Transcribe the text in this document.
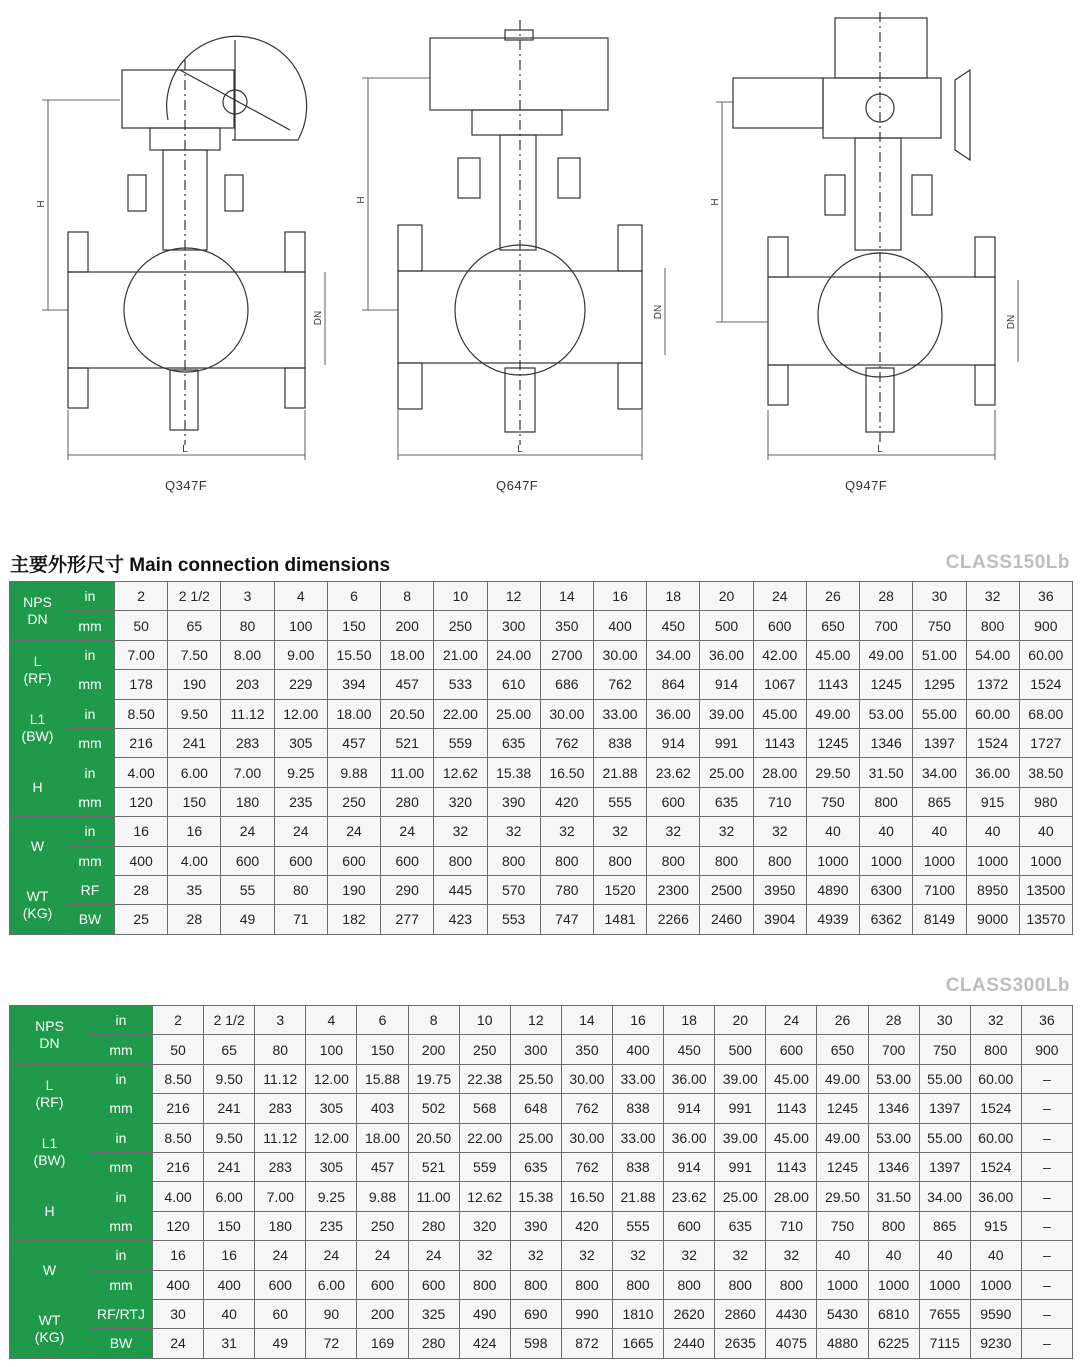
H
DN
L
H
DN
L
H
DN
L
Q347F	Q647F	Q947F
主要外形尺寸 Main connection dimensions	CLASS150Lb
CLASS300Lb
NPS
DN	in	2	2 1/2	3	4	6	8	10	12	14	16	18	20	24	26	28	30	32	36
	mm	50	65	80	100	150	200	250	300	350	400	450	500	600	650	700	750	800	900
L
(RF)	in	7.00	7.50	8.00	9.00	15.50	18.00	21.00	24.00	2700	30.00	34.00	36.00	42.00	45.00	49.00	51.00	54.00	60.00
	mm	178	190	203	229	394	457	533	610	686	762	864	914	1067	1143	1245	1295	1372	1524
L1
(BW)	in	8.50	9.50	11.12	12.00	18.00	20.50	22.00	25.00	30.00	33.00	36.00	39.00	45.00	49.00	53.00	55.00	60.00	68.00
	mm	216	241	283	305	457	521	559	635	762	838	914	991	1143	1245	1346	1397	1524	1727
H	in	4.00	6.00	7.00	9.25	9.88	11.00	12.62	15.38	16.50	21.88	23.62	25.00	28.00	29.50	31.50	34.00	36.00	38.50
	mm	120	150	180	235	250	280	320	390	420	555	600	635	710	750	800	865	915	980
W	in	16	16	24	24	24	24	32	32	32	32	32	32	32	40	40	40	40	40
	mm	400	4.00	600	600	600	600	800	800	800	800	800	800	800	1000	1000	1000	1000	1000
WT
(KG)	RF	28	35	55	80	190	290	445	570	780	1520	2300	2500	3950	4890	6300	7100	8950	13500
	BW	25	28	49	71	182	277	423	553	747	1481	2266	2460	3904	4939	6362	8149	9000	13570
NPS
DN	in	2	2 1/2	3	4	6	8	10	12	14	16	18	20	24	26	28	30	32	36
	mm	50	65	80	100	150	200	250	300	350	400	450	500	600	650	700	750	800	900
L
(RF)	in	8.50	9.50	11.12	12.00	15.88	19.75	22.38	25.50	30.00	33.00	36.00	39.00	45.00	49.00	53.00	55.00	60.00	–
	mm	216	241	283	305	403	502	568	648	762	838	914	991	1143	1245	1346	1397	1524	–
L1
(BW)	in	8.50	9.50	11.12	12.00	18.00	20.50	22.00	25.00	30.00	33.00	36.00	39.00	45.00	49.00	53.00	55.00	60.00	–
	mm	216	241	283	305	457	521	559	635	762	838	914	991	1143	1245	1346	1397	1524	–
H	in	4.00	6.00	7.00	9.25	9.88	11.00	12.62	15.38	16.50	21.88	23.62	25.00	28.00	29.50	31.50	34.00	36.00	–
	mm	120	150	180	235	250	280	320	390	420	555	600	635	710	750	800	865	915	–
W	in	16	16	24	24	24	24	32	32	32	32	32	32	32	40	40	40	40	–
	mm	400	400	600	6.00	600	600	800	800	800	800	800	800	800	1000	1000	1000	1000	–
WT
(KG)	RF/RTJ	30	40	60	90	200	325	490	690	990	1810	2620	2860	4430	5430	6810	7655	9590	–
	BW	24	31	49	72	169	280	424	598	872	1665	2440	2635	4075	4880	6225	7115	9230	–
